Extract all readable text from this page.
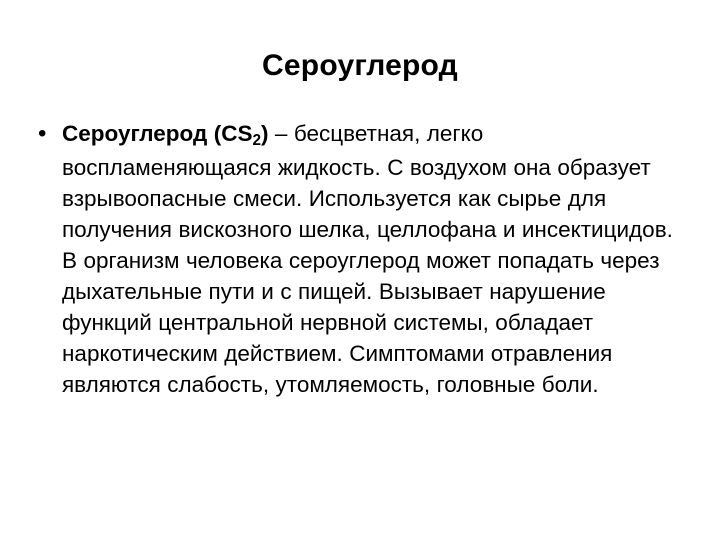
Сероуглерод
• Сероуглерод $(CS_2)$ – бесцветная, легко воспламеняющаяся жидкость. С воздухом она образует взрывоопасные смеси. Используется как сырье для получения вискозного шелка, целлофана и инсектицидов. В организм человека сероуглерод может попадать через дыхательные пути и с пищей. Вызывает нарушение функций центральной нервной системы, обладает наркотическим действием. Симптомами отравления являются слабость, утомляемость, головные боли.
